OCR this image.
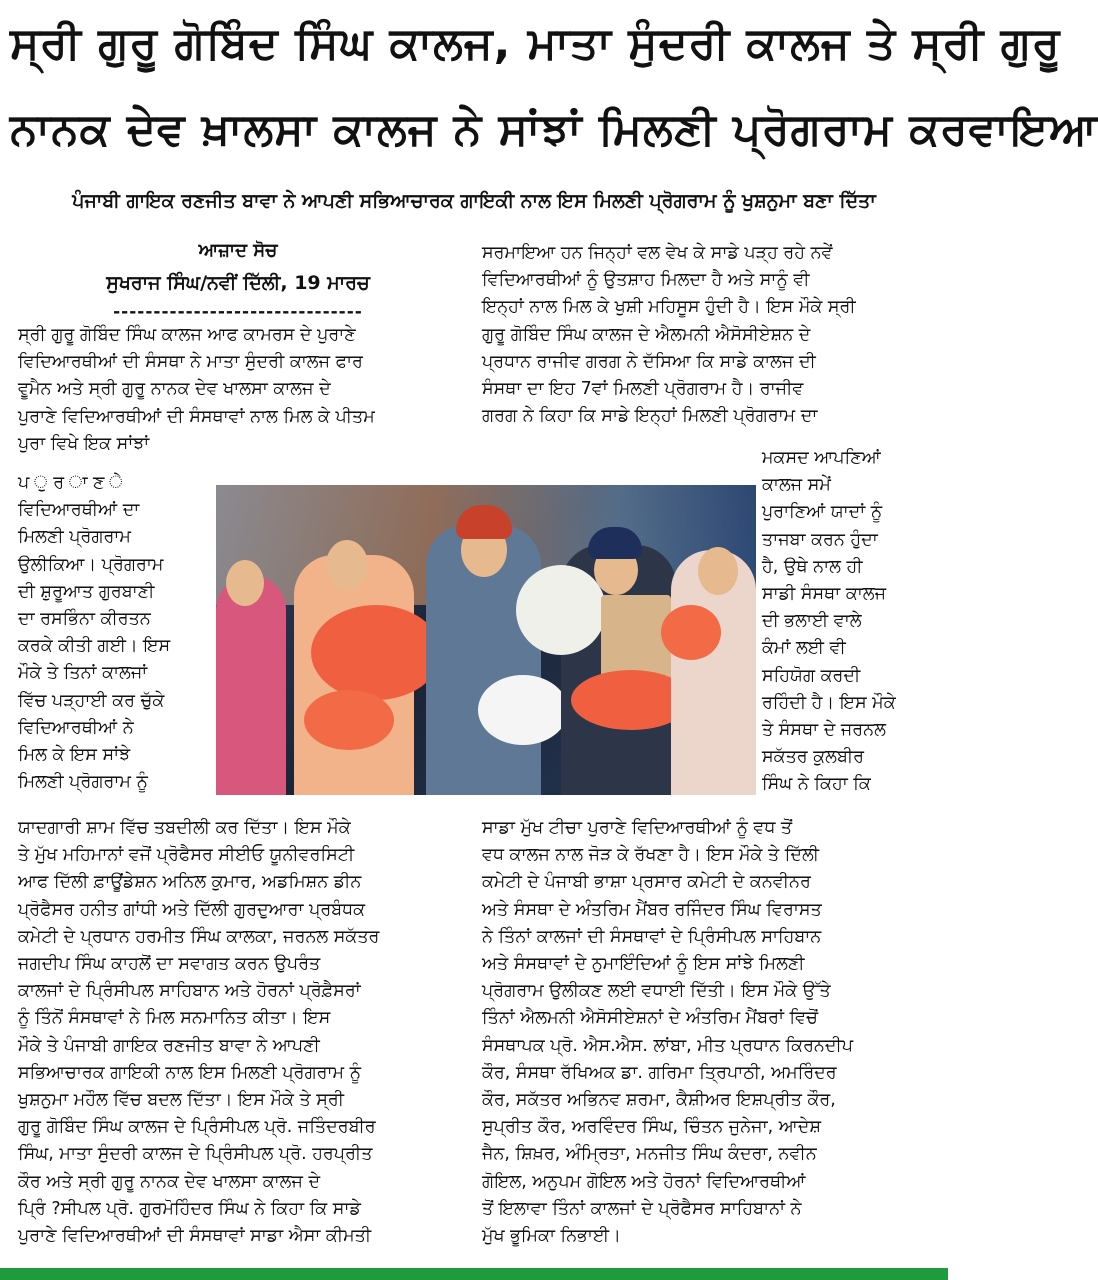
ਸ੍ਰੀ ਗੁਰੂ ਗੋਬਿੰਦ ਸਿੰਘ ਕਾਲਜ, ਮਾਤਾ ਸੁੰਦਰੀ ਕਾਲਜ ਤੇ ਸ੍ਰੀ ਗੁਰੂ
ਨਾਨਕ ਦੇਵ ਖ਼ਾਲਸਾ ਕਾਲਜ ਨੇ ਸਾਂਝਾਂ ਮਿਲਣੀ ਪ੍ਰੋਗਰਾਮ ਕਰਵਾਇਆ
ਪੰਜਾਬੀ ਗਾਇਕ ਰਣਜੀਤ ਬਾਵਾ ਨੇ ਆਪਣੀ ਸਭਿਆਚਾਰਕ ਗਾਇਕੀ ਨਾਲ ਇਸ ਮਿਲਣੀ ਪ੍ਰੋਗਰਾਮ ਨੂੰ ਖੁਸ਼ਨੁਮਾ ਬਣਾ ਦਿੱਤਾ
ਆਜ਼ਾਦ ਸੋਚ
ਸੁਖਰਾਜ ਸਿੰਘ/ਨਵੀਂ ਦਿੱਲੀ, 19 ਮਾਰਚ
-------------------------------
ਸ੍ਰੀ ਗੁਰੂ ਗੋਬਿੰਦ ਸਿੰਘ ਕਾਲਜ ਆਫ ਕਾਮਰਸ ਦੇ ਪੁਰਾਣੇ
ਵਿਦਿਆਰਥੀਆਂ ਦੀ ਸੰਸਥਾ ਨੇ ਮਾਤਾ ਸੁੰਦਰੀ ਕਾਲਜ ਫਾਰ
ਵੂਮੈਨ ਅਤੇ ਸ੍ਰੀ ਗੁਰੂ ਨਾਨਕ ਦੇਵ ਖਾਲਸਾ ਕਾਲਜ ਦੇ
ਪੁਰਾਣੇ ਵਿਦਿਆਰਥੀਆਂ ਦੀ ਸੰਸਥਾਵਾਂ ਨਾਲ ਮਿਲ ਕੇ ਪੀਤਮ
ਪੁਰਾ ਵਿਖੇ ਇਕ ਸਾਂਝਾਂ
ਪ ੁ ਰ ਾ ਣ ੇ
ਵਿਦਿਆਰਥੀਆਂ ਦਾ
ਮਿਲਣੀ ਪ੍ਰੋਗਰਾਮ
ਉਲੀਕਿਆ। ਪ੍ਰੋਗਰਾਮ
ਦੀ ਸ਼ੁਰੂਆਤ ਗੁਰਬਾਣੀ
ਦਾ ਰਸਭਿੰਨਾ ਕੀਰਤਨ
ਕਰਕੇ ਕੀਤੀ ਗਈ। ਇਸ
ਮੌਕੇ ਤੇ ਤਿਨਾਂ ਕਾਲਜਾਂ
ਵਿੱਚ ਪੜ੍ਹਾਈ ਕਰ ਚੁੱਕੇ
ਵਿਦਿਆਰਥੀਆਂ ਨੇ
ਮਿਲ ਕੇ ਇਸ ਸਾਂਝੇ
ਮਿਲਣੀ ਪ੍ਰੋਗਰਾਮ ਨੂੰ
ਯਾਦਗਾਰੀ ਸ਼ਾਮ ਵਿੱਚ ਤਬਦੀਲੀ ਕਰ ਦਿੱਤਾ। ਇਸ ਮੌਕੇ
ਤੇ ਮੁੱਖ ਮਹਿਮਾਨਾਂ ਵਜੋਂ ਪ੍ਰੋਫੈਸਰ ਸੀਈਓ ਯੂਨੀਵਰਸਿਟੀ
ਆਫ ਦਿੱਲੀ ਫ਼ਾਊਂਡੇਸ਼ਨ ਅਨਿਲ ਕੁਮਾਰ, ਅਡਮਿਸ਼ਨ ਡੀਨ
ਪ੍ਰੋਫੈਸਰ ਹਨੀਤ ਗਾਂਧੀ ਅਤੇ ਦਿੱਲੀ ਗੁਰਦੁਆਰਾ ਪ੍ਰਬੰਧਕ
ਕਮੇਟੀ ਦੇ ਪ੍ਰਧਾਨ ਹਰਮੀਤ ਸਿੰਘ ਕਾਲਕਾ, ਜਰਨਲ ਸਕੱਤਰ
ਜਗਦੀਪ ਸਿੰਘ ਕਾਹਲੋਂ ਦਾ ਸਵਾਗਤ ਕਰਨ ਉਪਰੰਤ
ਕਾਲਜਾਂ ਦੇ ਪ੍ਰਿੰਸੀਪਲ ਸਾਹਿਬਾਨ ਅਤੇ ਹੋਰਨਾਂ ਪ੍ਰੋਫ਼ੈਸਰਾਂ
ਨੂੰ ਤਿੰਨੋਂ ਸੰਸਥਾਵਾਂ ਨੇ ਮਿਲ ਸਨਮਾਨਿਤ ਕੀਤਾ। ਇਸ
ਮੌਕੇ ਤੇ ਪੰਜਾਬੀ ਗਾਇਕ ਰਣਜੀਤ ਬਾਵਾ ਨੇ ਆਪਣੀ
ਸਭਿਆਚਾਰਕ ਗਾਇਕੀ ਨਾਲ ਇਸ ਮਿਲਣੀ ਪ੍ਰੋਗਰਾਮ ਨੂੰ
ਖੁਸ਼ਨੁਮਾ ਮਹੌਲ ਵਿੱਚ ਬਦਲ ਦਿੱਤਾ। ਇਸ ਮੌਕੇ ਤੇ ਸ੍ਰੀ
ਗੁਰੂ ਗੋਬਿੰਦ ਸਿੰਘ ਕਾਲਜ ਦੇ ਪ੍ਰਿੰਸੀਪਲ ਪ੍ਰੋ. ਜਤਿੰਦਰਬੀਰ
ਸਿੰਘ, ਮਾਤਾ ਸੁੰਦਰੀ ਕਾਲਜ ਦੇ ਪ੍ਰਿੰਸੀਪਲ ਪ੍ਰੋ. ਹਰਪ੍ਰੀਤ
ਕੌਰ ਅਤੇ ਸ੍ਰੀ ਗੁਰੂ ਨਾਨਕ ਦੇਵ ਖਾਲਸਾ ਕਾਲਜ ਦੇ
ਪ੍ਰਿੰ ?ਸੀਪਲ ਪ੍ਰੋ. ਗੁਰਮੋਹਿੰਦਰ ਸਿੰਘ ਨੇ ਕਿਹਾ ਕਿ ਸਾਡੇ
ਪੁਰਾਣੇ ਵਿਦਿਆਰਥੀਆਂ ਦੀ ਸੰਸਥਾਵਾਂ ਸਾਡਾ ਐਸਾ ਕੀਮਤੀ
ਸਰਮਾਇਆ ਹਨ ਜਿਨ੍ਹਾਂ ਵਲ ਵੇਖ ਕੇ ਸਾਡੇ ਪੜ੍ਹ ਰਹੇ ਨਵੇਂ
ਵਿਦਿਆਰਥੀਆਂ ਨੂੰ ਉਤਸ਼ਾਹ ਮਿਲਦਾ ਹੈ ਅਤੇ ਸਾਨੂੰ ਵੀ
ਇਨ੍ਹਾਂ ਨਾਲ ਮਿਲ ਕੇ ਖੁਸ਼ੀ ਮਹਿਸੂਸ ਹੁੰਦੀ ਹੈ। ਇਸ ਮੌਕੇ ਸ੍ਰੀ
ਗੁਰੂ ਗੋਬਿੰਦ ਸਿੰਘ ਕਾਲਜ ਦੇ ਐਲਮਨੀ ਐਸੋਸੀਏਸ਼ਨ ਦੇ
ਪ੍ਰਧਾਨ ਰਾਜੀਵ ਗਰਗ ਨੇ ਦੱਸਿਆ ਕਿ ਸਾਡੇ ਕਾਲਜ ਦੀ
ਸੰਸਥਾ ਦਾ ਇਹ 7ਵਾਂ ਮਿਲਣੀ ਪ੍ਰੋਗਰਾਮ ਹੈ। ਰਾਜੀਵ
ਗਰਗ ਨੇ ਕਿਹਾ ਕਿ ਸਾਡੇ ਇਨ੍ਹਾਂ ਮਿਲਣੀ ਪ੍ਰੋਗਰਾਮ ਦਾ
ਮਕਸਦ ਆਪਣਿਆਂ
ਕਾਲਜ ਸਮੇਂ
ਪੁਰਾਣਿਆਂ ਯਾਦਾਂ ਨੂੰ
ਤਾਜਬਾ ਕਰਨ ਹੁੰਦਾ
ਹੈ, ਉਥੇ ਨਾਲ ਹੀ
ਸਾਡੀ ਸੰਸਥਾ ਕਾਲਜ
ਦੀ ਭਲਾਈ ਵਾਲੇ
ਕੰਮਾਂ ਲਈ ਵੀ
ਸਹਿਯੋਗ ਕਰਦੀ
ਰਹਿੰਦੀ ਹੈ। ਇਸ ਮੌਕੇ
ਤੇ ਸੰਸਥਾ ਦੇ ਜਰਨਲ
ਸਕੱਤਰ ਕੁਲਬੀਰ
ਸਿੰਘ ਨੇ ਕਿਹਾ ਕਿ
ਸਾਡਾ ਮੁੱਖ ਟੀਚਾ ਪੁਰਾਣੇ ਵਿਦਿਆਰਥੀਆਂ ਨੂੰ ਵਧ ਤੋਂ
ਵਧ ਕਾਲਜ ਨਾਲ ਜੋੜ ਕੇ ਰੱਖਣਾ ਹੈ। ਇਸ ਮੌਕੇ ਤੇ ਦਿੱਲੀ
ਕਮੇਟੀ ਦੇ ਪੰਜਾਬੀ ਭਾਸ਼ਾ ਪ੍ਰਸਾਰ ਕਮੇਟੀ ਦੇ ਕਨਵੀਨਰ
ਅਤੇ ਸੰਸਥਾ ਦੇ ਅੰਤਰਿਮ ਮੈਂਬਰ ਰਜਿੰਦਰ ਸਿੰਘ ਵਿਰਾਸਤ
ਨੇ ਤਿੰਨਾਂ ਕਾਲਜਾਂ ਦੀ ਸੰਸਥਾਵਾਂ ਦੇ ਪ੍ਰਿੰਸੀਪਲ ਸਾਹਿਬਾਨ
ਅਤੇ ਸੰਸਥਾਵਾਂ ਦੇ ਨੁਮਾਇੰਦਿਆਂ ਨੂੰ ਇਸ ਸਾਂਝੇ ਮਿਲਣੀ
ਪ੍ਰੋਗਰਾਮ ਉਲੀਕਣ ਲਈ ਵਧਾਈ ਦਿੱਤੀ। ਇਸ ਮੌਕੇ ਉੱਤੇ
ਤਿੰਨਾਂ ਐਲਮਨੀ ਐਸੋਸੀਏਸ਼ਨਾਂ ਦੇ ਅੰਤਰਿਮ ਮੈਂਬਰਾਂ ਵਿਚੋਂ
ਸੰਸਥਾਪਕ ਪ੍ਰੋ. ਐਸ.ਐਸ. ਲਾਂਬਾ, ਮੀਤ ਪ੍ਰਧਾਨ ਕਿਰਨਦੀਪ
ਕੌਰ, ਸੰਸਥਾ ਰੱਖਿਅਕ ਡਾ. ਗਰਿਮਾ ਤ੍ਰਿਪਾਠੀ, ਅਮਰਿੰਦਰ
ਕੌਰ, ਸਕੱਤਰ ਅਭਿਨਵ ਸ਼ਰਮਾ, ਕੈਸ਼ੀਅਰ ਇਸ਼ਪ੍ਰੀਤ ਕੌਰ,
ਸੁਪ੍ਰੀਤ ਕੌਰ, ਅਰਵਿੰਦਰ ਸਿੰਘ, ਚਿੰਤਨ ਜੁਨੇਜਾ, ਆਦੇਸ਼
ਜੈਨ, ਸ਼ਿਖ਼ਰ, ਅੰਮ੍ਰਿਤਾ, ਮਨਜੀਤ ਸਿੰਘ ਕੰਦਰਾ, ਨਵੀਨ
ਗੋਇਲ, ਅਨੁਪਮ ਗੋਇਲ ਅਤੇ ਹੋਰਨਾਂ ਵਿਦਿਆਰਥੀਆਂ
ਤੋਂ ਇਲਾਵਾ ਤਿੰਨਾਂ ਕਾਲਜਾਂ ਦੇ ਪ੍ਰੋਫੈਸਰ ਸਾਹਿਬਾਨਾਂ ਨੇ
ਮੁੱਖ ਭੂਮਿਕਾ ਨਿਭਾਈ।
